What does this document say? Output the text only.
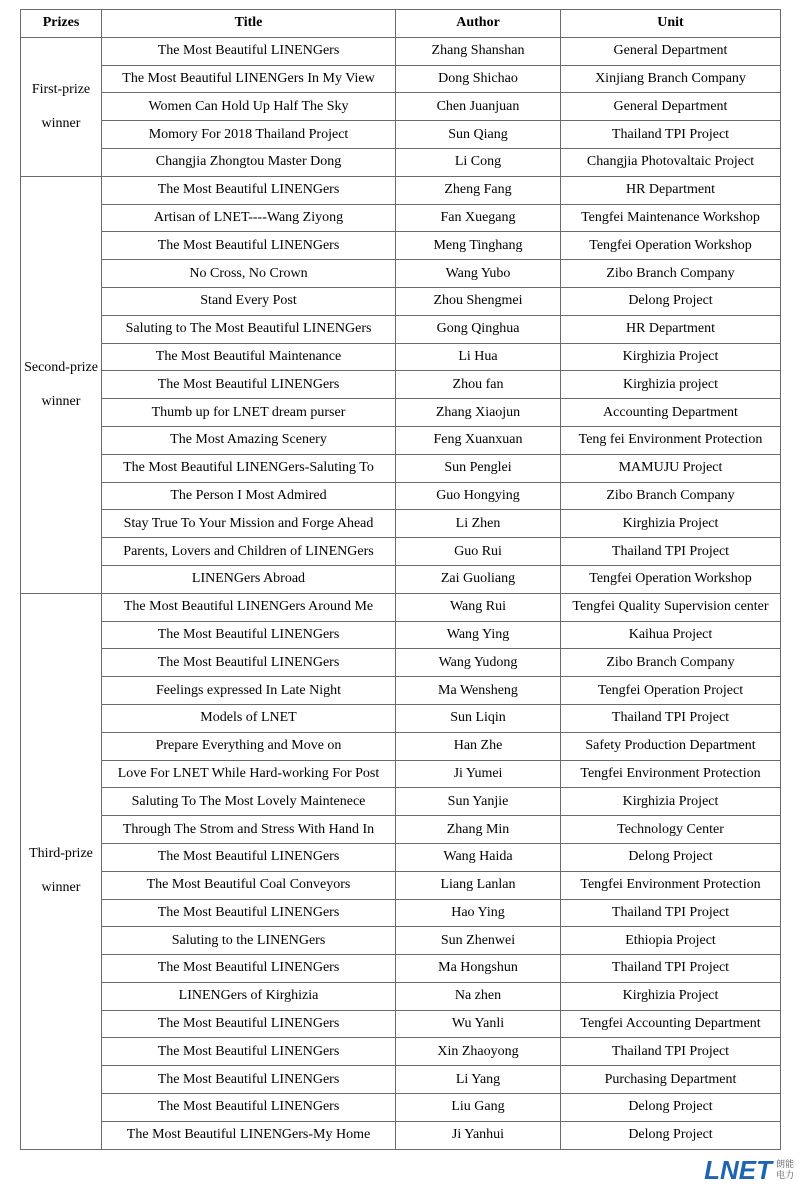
Prizes	Title	Author	Unit

First-prize
winner	The Most Beautiful LINENGers	Zhang Shanshan	General Department
	The Most Beautiful LINENGers In My View	Dong Shichao	Xinjiang Branch Company
	Women Can Hold Up Half The Sky	Chen Juanjuan	General Department
	Momory For 2018 Thailand Project	Sun Qiang	Thailand TPI Project
	Changjia Zhongtou Master Dong	Li Cong	Changjia Photovaltaic Project

Second-prize
winner	The Most Beautiful LINENGers	Zheng Fang	HR Department
	Artisan of LNET----Wang Ziyong	Fan Xuegang	Tengfei Maintenance Workshop
	The Most Beautiful LINENGers	Meng Tinghang	Tengfei Operation Workshop
	No Cross, No Crown	Wang Yubo	Zibo Branch Company
	Stand Every Post	Zhou Shengmei	Delong Project
	Saluting to The Most Beautiful LINENGers	Gong Qinghua	HR Department
	The Most Beautiful Maintenance	Li Hua	Kirghizia Project
	The Most Beautiful LINENGers	Zhou fan	Kirghizia project
	Thumb up for LNET dream purser	Zhang Xiaojun	Accounting Department
	The Most Amazing Scenery	Feng Xuanxuan	Teng fei Environment Protection
	The Most Beautiful LINENGers-Saluting To	Sun Penglei	MAMUJU Project
	The Person I Most Admired	Guo Hongying	Zibo Branch Company
	Stay True To Your Mission and Forge Ahead	Li Zhen	Kirghizia Project
	Parents, Lovers and Children of LINENGers	Guo Rui	Thailand TPI Project
	LINENGers Abroad	Zai Guoliang	Tengfei Operation Workshop

Third-prize
winner	The Most Beautiful LINENGers Around Me	Wang Rui	Tengfei Quality Supervision center
	The Most Beautiful LINENGers	Wang Ying	Kaihua Project
	The Most Beautiful LINENGers	Wang Yudong	Zibo Branch Company
	Feelings expressed In Late Night	Ma Wensheng	Tengfei Operation Project
	Models of LNET	Sun Liqin	Thailand TPI Project
	Prepare Everything and Move on	Han Zhe	Safety Production Department
	Love For LNET While Hard-working For Post	Ji Yumei	Tengfei Environment Protection
	Saluting To The Most Lovely Maintenece	Sun Yanjie	Kirghizia Project
	Through The Strom and Stress With Hand In	Zhang Min	Technology Center
	The Most Beautiful LINENGers	Wang Haida	Delong Project
	The Most Beautiful Coal Conveyors	Liang Lanlan	Tengfei Environment Protection
	The Most Beautiful LINENGers	Hao Ying	Thailand TPI Project
	Saluting to the LINENGers	Sun Zhenwei	Ethiopia Project
	The Most Beautiful LINENGers	Ma Hongshun	Thailand TPI Project
	LINENGers of Kirghizia	Na zhen	Kirghizia Project
	The Most Beautiful LINENGers	Wu Yanli	Tengfei Accounting Department
	The Most Beautiful LINENGers	Xin Zhaoyong	Thailand TPI Project
	The Most Beautiful LINENGers	Li Yang	Purchasing Department
	The Most Beautiful LINENGers	Liu Gang	Delong Project
	The Most Beautiful LINENGers-My Home	Ji Yanhui	Delong Project
LNET 朗能
电力
